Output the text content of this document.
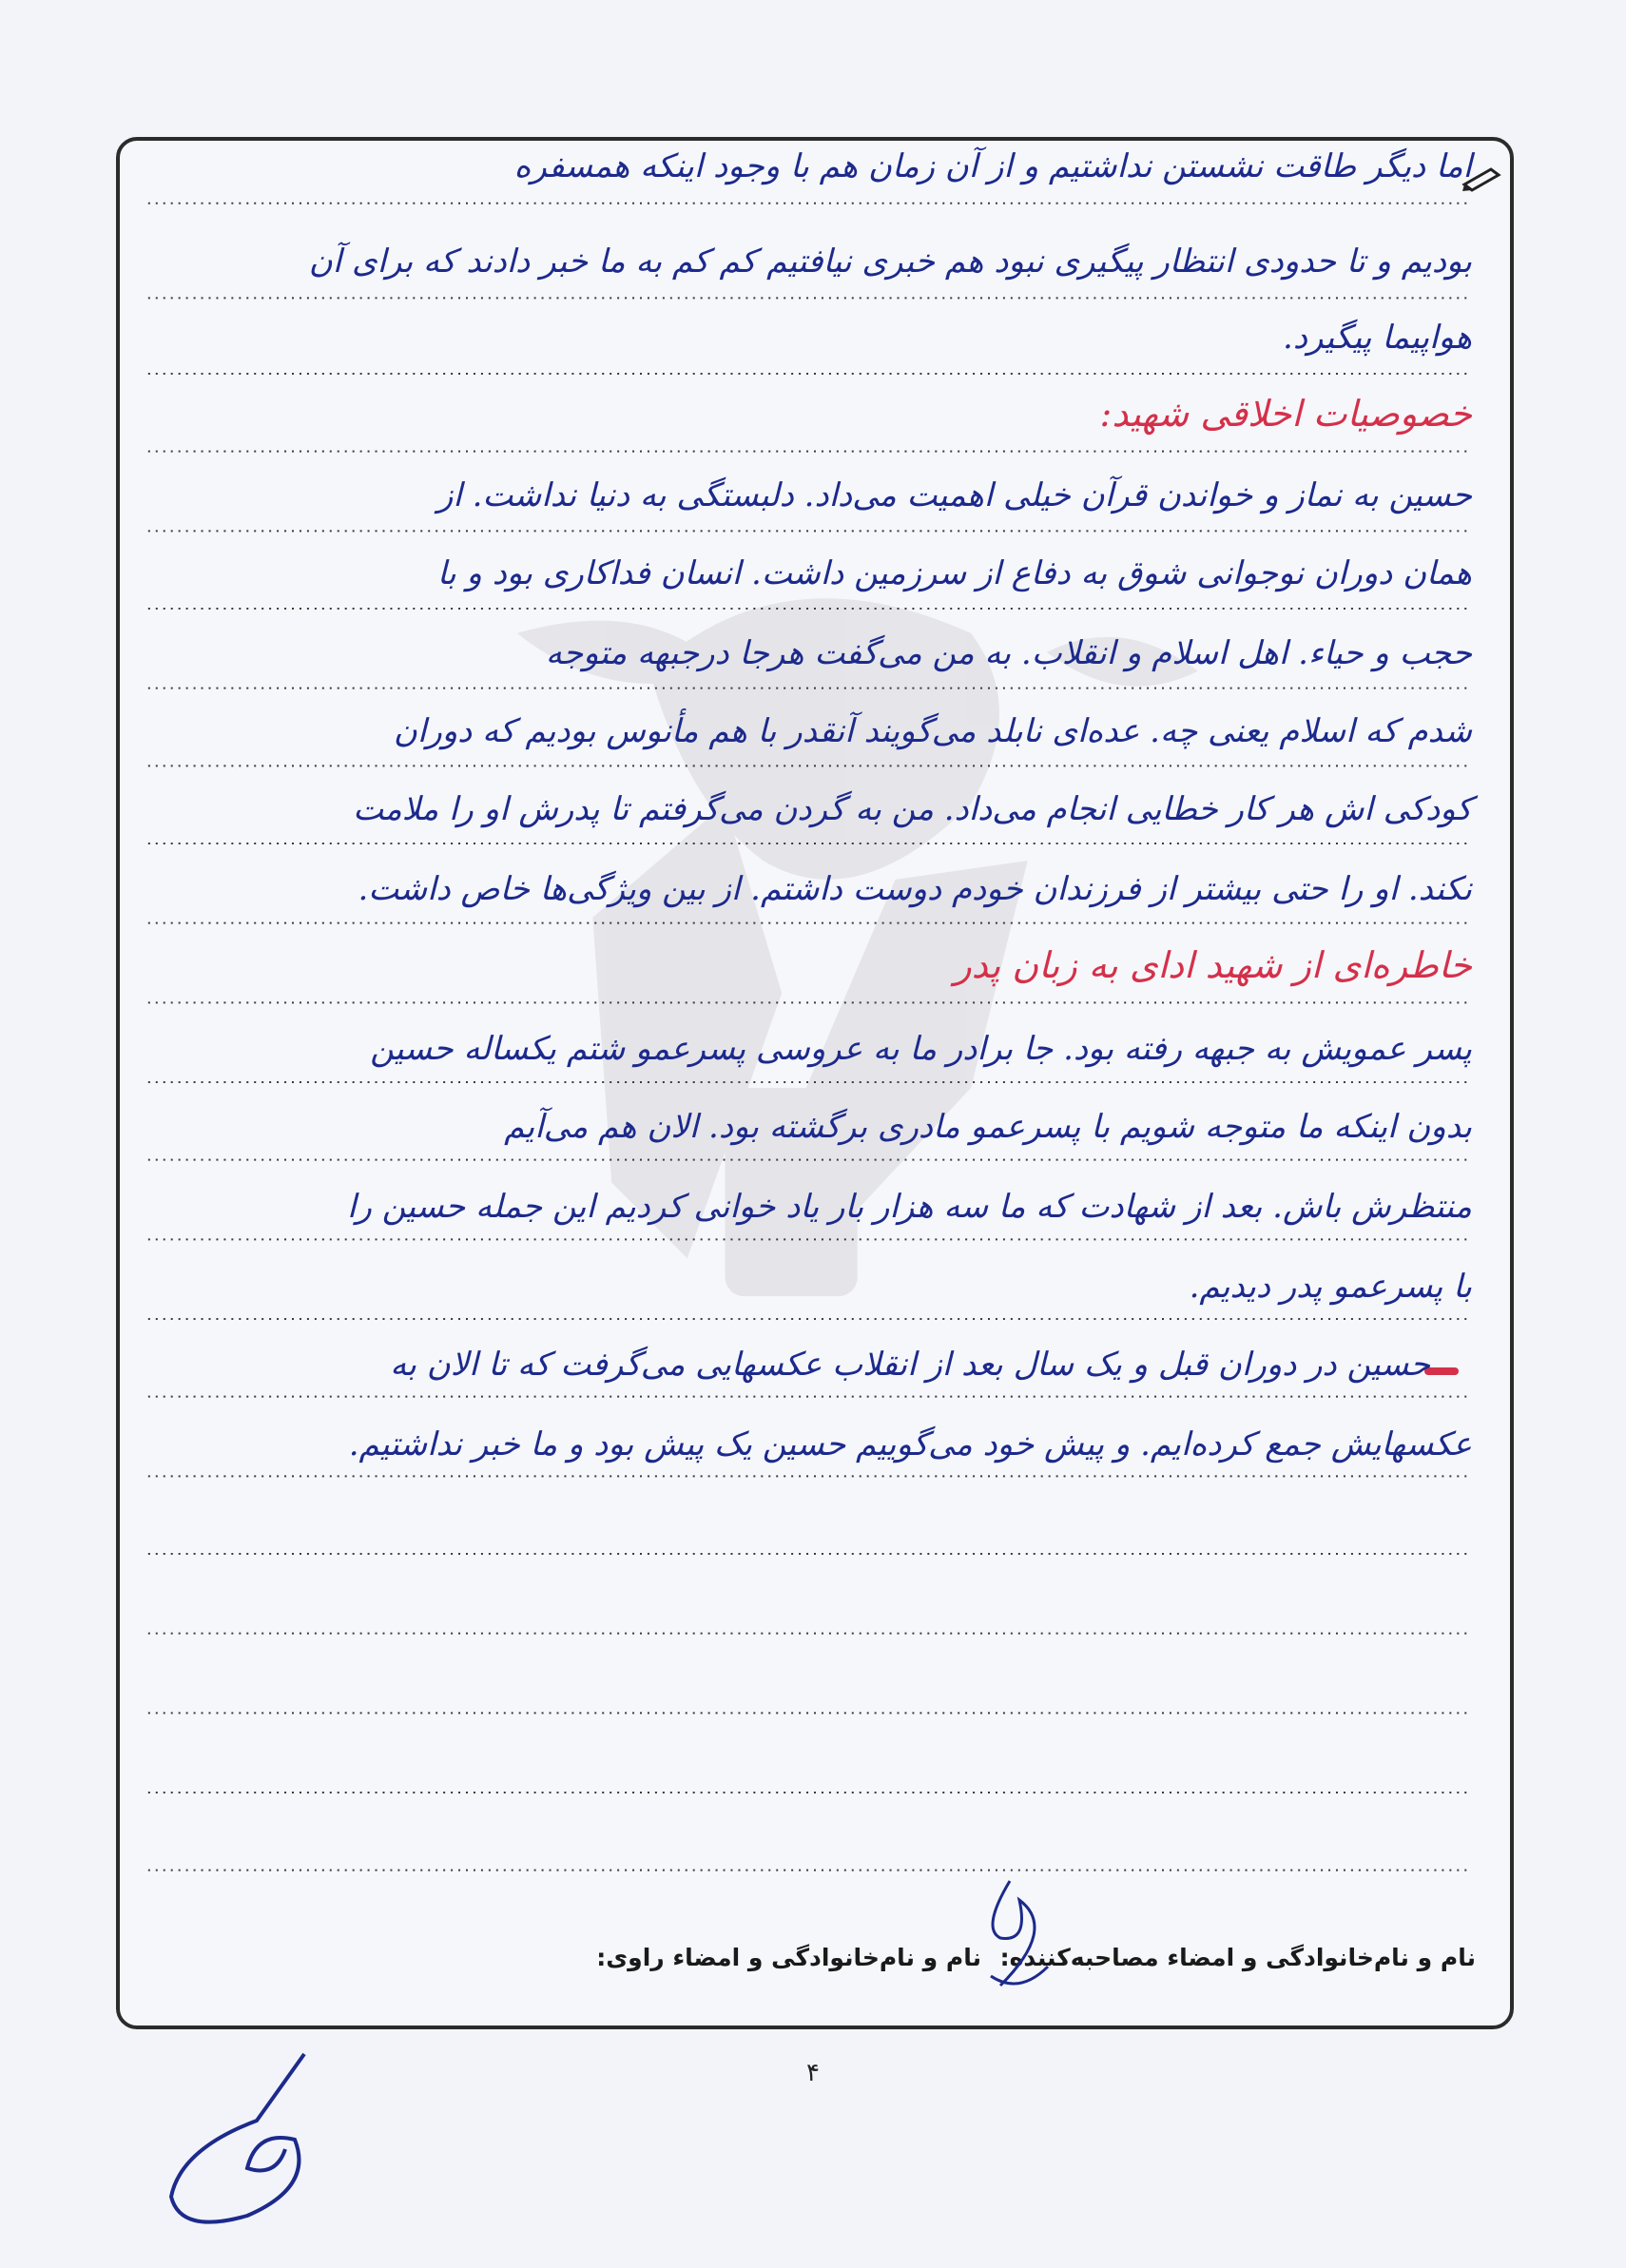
اما دیگر طاقت نشستن نداشتیم و از آن زمان هم با وجود اینکه همسفره

بودیم و تا حدودی انتظار پیگیری نبود هم خبری نیافتیم کم کم به ما خبر دادند که برای آن

هواپیما پیگیرد.

خصوصیات اخلاقی شهید:

حسین به نماز و خواندن قرآن خیلی اهمیت می‌داد. دلبستگی به دنیا نداشت. از

همان دوران نوجوانی شوق به دفاع از سرزمین داشت. انسان فداکاری بود و با

حجب و حیاء. اهل اسلام و انقلاب. به من می‌گفت هرجا درجبهه متوجه

شدم که اسلام یعنی چه. عده‌ای نابلد می‌گویند آنقدر با هم مأنوس بودیم که دوران

کودکی اش هر کار خطایی انجام می‌داد. من به گردن می‌گرفتم تا پدرش او را ملامت

نکند. او را حتی بیشتر از فرزندان خودم دوست داشتم. از بین ویژگی‌ها خاص داشت.

خاطره‌ای از شهید ادای به زبان پدر

پسر عمویش به جبهه رفته بود. جا برادر ما به عروسی پسرعمو شتم یکساله حسین

بدون اینکه ما متوجه شویم با پسرعمو مادری برگشته بود. الان هم می‌آیم

منتظرش باش. بعد از شهادت که ما سه هزار بار یاد خوانی کردیم این جمله حسین را

با پسرعمو پدر دیدیم.

حسین در دوران قبل و یک سال بعد از انقلاب عکسهایی می‌گرفت که تا الان به

عکسهایش جمع کرده‌ایم. و پیش خود می‌گوییم حسین یک پیش بود و ما خبر نداشتیم.

نام و نام‌خانوادگی و امضاء مصاحبه‌کننده:
نام و نام‌خانوادگی و امضاء راوی:
۴
